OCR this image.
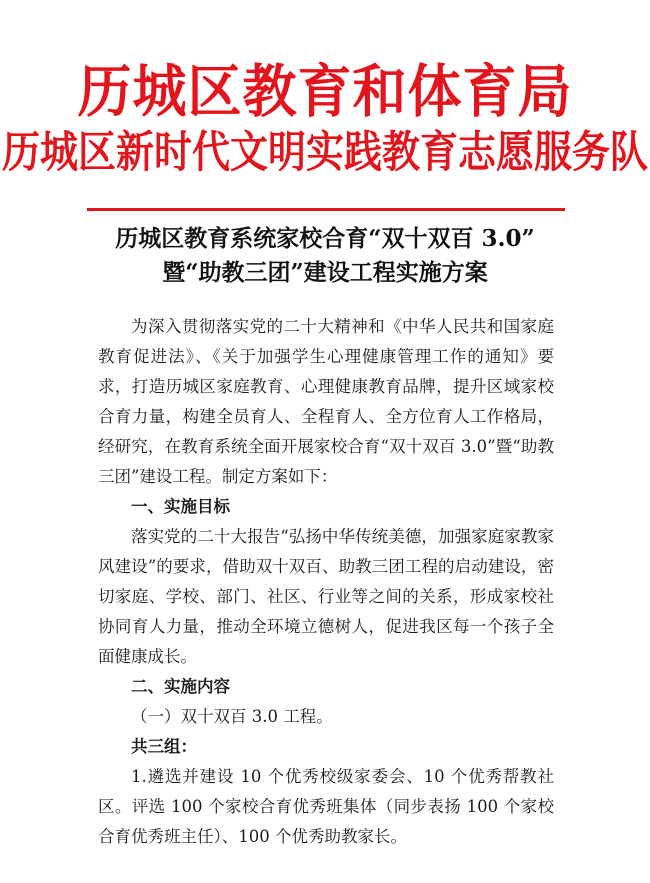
历城区教育和体育局
历城区新时代文明实践教育志愿服务队
历城区教育系统家校合育“双十双百 3.0”
暨“助教三团”建设工程实施方案

为深入贯彻落实党的二十大精神和《中华人民共和国家庭教育促进法》、《关于加强学生心理健康管理工作的通知》要求，打造历城区家庭教育、心理健康教育品牌，提升区域家校合育力量，构建全员育人、全程育人、全方位育人工作格局，经研究，在教育系统全面开展家校合育“双十双百 3.0”暨“助教三团”建设工程。制定方案如下：

一、实施目标

落实党的二十大报告“弘扬中华传统美德，加强家庭家教家风建设”的要求，借助双十双百、助教三团工程的启动建设，密切家庭、学校、部门、社区、行业等之间的关系，形成家校社协同育人力量，推动全环境立德树人，促进我区每一个孩子全面健康成长。

二、实施内容

（一）双十双百 3.0 工程。

共三组：

1.遴选并建设 10 个优秀校级家委会、10 个优秀帮教社区。评选 100 个家校合育优秀班集体（同步表扬 100 个家校合育优秀班主任）、100 个优秀助教家长。
